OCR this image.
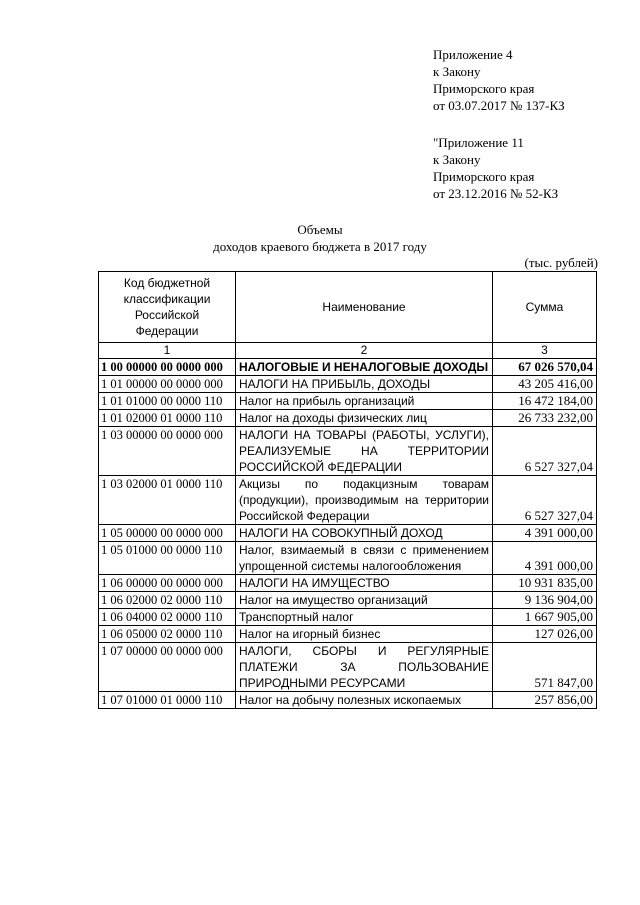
Приложение 4
к Закону
Приморского края
от 03.07.2017 № 137-КЗ
"Приложение 11
к Закону
Приморского края
от 23.12.2016 № 52-КЗ
Объемы
доходов краевого бюджета в 2017 году
(тыс. рублей)
Код бюджетной классификации Российской Федерации	Наименование	Сумма
1	2	3
1 00 00000 00 0000 000	НАЛОГОВЫЕ И НЕНАЛОГОВЫЕ ДОХОДЫ	67 026 570,04
1 01 00000 00 0000 000	НАЛОГИ НА ПРИБЫЛЬ, ДОХОДЫ	43 205 416,00
1 01 01000 00 0000 110	Налог на прибыль организаций	16 472 184,00
1 01 02000 01 0000 110	Налог на доходы физических лиц	26 733 232,00
1 03 00000 00 0000 000	НАЛОГИ НА ТОВАРЫ (РАБОТЫ, УСЛУГИ), РЕАЛИЗУЕМЫЕ НА ТЕРРИТОРИИ РОССИЙСКОЙ ФЕДЕРАЦИИ	6 527 327,04
1 03 02000 01 0000 110	Акцизы по подакцизным товарам (продукции), производимым на территории Российской Федерации	6 527 327,04
1 05 00000 00 0000 000	НАЛОГИ НА СОВОКУПНЫЙ ДОХОД	4 391 000,00
1 05 01000 00 0000 110	Налог, взимаемый в связи с применением упрощенной системы налогообложения	4 391 000,00
1 06 00000 00 0000 000	НАЛОГИ НА ИМУЩЕСТВО	10 931 835,00
1 06 02000 02 0000 110	Налог на имущество организаций	9 136 904,00
1 06 04000 02 0000 110	Транспортный налог	1 667 905,00
1 06 05000 02 0000 110	Налог на игорный бизнес	127 026,00
1 07 00000 00 0000 000	НАЛОГИ, СБОРЫ И РЕГУЛЯРНЫЕ ПЛАТЕЖИ ЗА ПОЛЬЗОВАНИЕ ПРИРОДНЫМИ РЕСУРСАМИ	571 847,00
1 07 01000 01 0000 110	Налог на добычу полезных ископаемых	257 856,00
